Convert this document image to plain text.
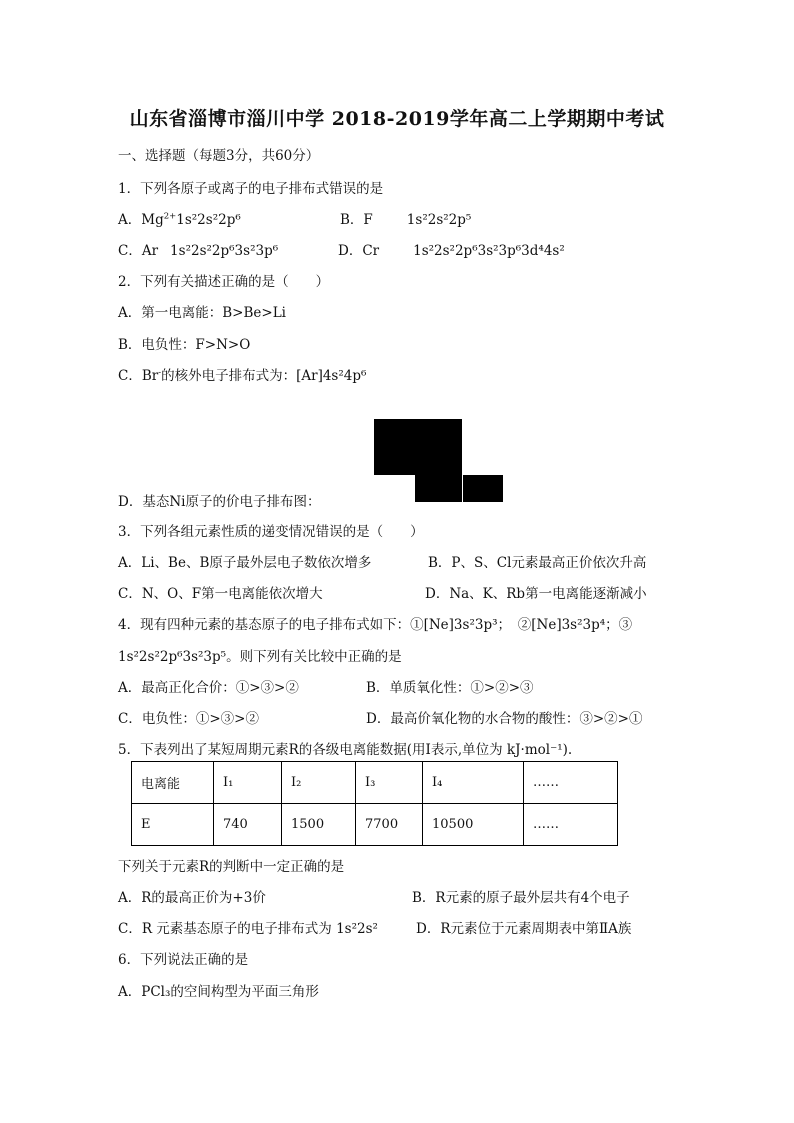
山东省淄博市淄川中学 2018-2019学年高二上学期期中考试
一、选择题（每题3分，共60分）
1．下列各原子或离子的电子排布式错误的是
A．$Mg^{2+}1s^22s^22p^6$	B．F	1s²2s²2p⁵
C．Ar 1s²2s²2p⁶3s²3p⁶	D．Cr	1s²2s²2p⁶3s²3p⁶3d⁴4s²
2．下列有关描述正确的是（　　）
A．第一电离能：B>Be>Li
B．电负性：F>N>O
C．Br-的核外电子排布式为：[Ar]4s²4p⁶
D．基态Ni原子的价电子排布图：
3．下列各组元素性质的递变情况错误的是（　　）
A．Li、Be、B原子最外层电子数依次增多	B．P、S、Cl元素最高正价依次升高
C．N、O、F第一电离能依次增大	D．Na、K、Rb第一电离能逐渐减小
4．现有四种元素的基态原子的电子排布式如下：①[Ne]3s²3p³；　②[Ne]3s²3p⁴；③
1s²2s²2p⁶3s²3p⁵。则下列有关比较中正确的是
A．最高正化合价：①>③>②	B．单质氧化性：①>②>③
C．电负性：①>③>②	D．最高价氧化物的水合物的酸性：③>②>①
5．下表列出了某短周期元素R的各级电离能数据(用I表示,单位为 kJ·mol⁻¹).
电离能	I₁	I₂	I₃	I₄	……
E	740	1500	7700	10500	……
下列关于元素R的判断中一定正确的是
A．R的最高正价为+3价	B．R元素的原子最外层共有4个电子
C．R 元素基态原子的电子排布式为 1s²2s²	D．R元素位于元素周期表中第ⅡA族
6．下列说法正确的是
A．PCl₃的空间构型为平面三角形
